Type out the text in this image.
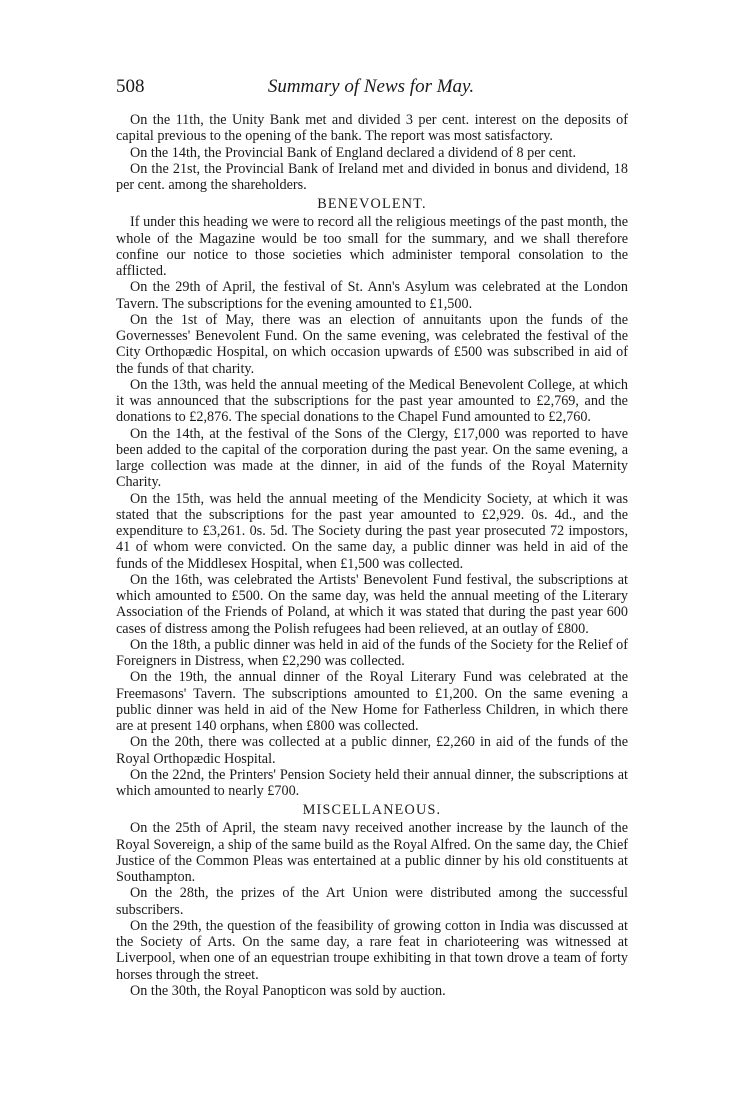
508	Summary of News for May.

On the 11th, the Unity Bank met and divided 3 per cent. interest on the deposits of capital previous to the opening of the bank. The report was most satisfactory.

On the 14th, the Provincial Bank of England declared a dividend of 8 per cent.

On the 21st, the Provincial Bank of Ireland met and divided in bonus and dividend, 18 per cent. among the shareholders.

BENEVOLENT.

If under this heading we were to record all the religious meetings of the past month, the whole of the Magazine would be too small for the summary, and we shall therefore confine our notice to those societies which administer temporal consolation to the afflicted.

On the 29th of April, the festival of St. Ann's Asylum was celebrated at the London Tavern. The subscriptions for the evening amounted to £1,500.

On the 1st of May, there was an election of annuitants upon the funds of the Governesses' Benevolent Fund. On the same evening, was celebrated the festival of the City Orthopædic Hospital, on which occasion upwards of £500 was subscribed in aid of the funds of that charity.

On the 13th, was held the annual meeting of the Medical Benevolent College, at which it was announced that the subscriptions for the past year amounted to £2,769, and the donations to £2,876. The special donations to the Chapel Fund amounted to £2,760.

On the 14th, at the festival of the Sons of the Clergy, £17,000 was reported to have been added to the capital of the corporation during the past year. On the same evening, a large collection was made at the dinner, in aid of the funds of the Royal Maternity Charity.

On the 15th, was held the annual meeting of the Mendicity Society, at which it was stated that the subscriptions for the past year amounted to £2,929. 0s. 4d., and the expenditure to £3,261. 0s. 5d. The Society during the past year prosecuted 72 impostors, 41 of whom were convicted. On the same day, a public dinner was held in aid of the funds of the Middlesex Hospital, when £1,500 was collected.

On the 16th, was celebrated the Artists' Benevolent Fund festival, the subscriptions at which amounted to £500. On the same day, was held the annual meeting of the Literary Association of the Friends of Poland, at which it was stated that during the past year 600 cases of distress among the Polish refugees had been relieved, at an outlay of £800.

On the 18th, a public dinner was held in aid of the funds of the Society for the Relief of Foreigners in Distress, when £2,290 was collected.

On the 19th, the annual dinner of the Royal Literary Fund was celebrated at the Freemasons' Tavern. The subscriptions amounted to £1,200. On the same evening a public dinner was held in aid of the New Home for Fatherless Children, in which there are at present 140 orphans, when £800 was collected.

On the 20th, there was collected at a public dinner, £2,260 in aid of the funds of the Royal Orthopædic Hospital.

On the 22nd, the Printers' Pension Society held their annual dinner, the subscriptions at which amounted to nearly £700.

MISCELLANEOUS.

On the 25th of April, the steam navy received another increase by the launch of the Royal Sovereign, a ship of the same build as the Royal Alfred. On the same day, the Chief Justice of the Common Pleas was entertained at a public dinner by his old constituents at Southampton.

On the 28th, the prizes of the Art Union were distributed among the successful subscribers.

On the 29th, the question of the feasibility of growing cotton in India was discussed at the Society of Arts. On the same day, a rare feat in charioteering was witnessed at Liverpool, when one of an equestrian troupe exhibiting in that town drove a team of forty horses through the street.

On the 30th, the Royal Panopticon was sold by auction.
